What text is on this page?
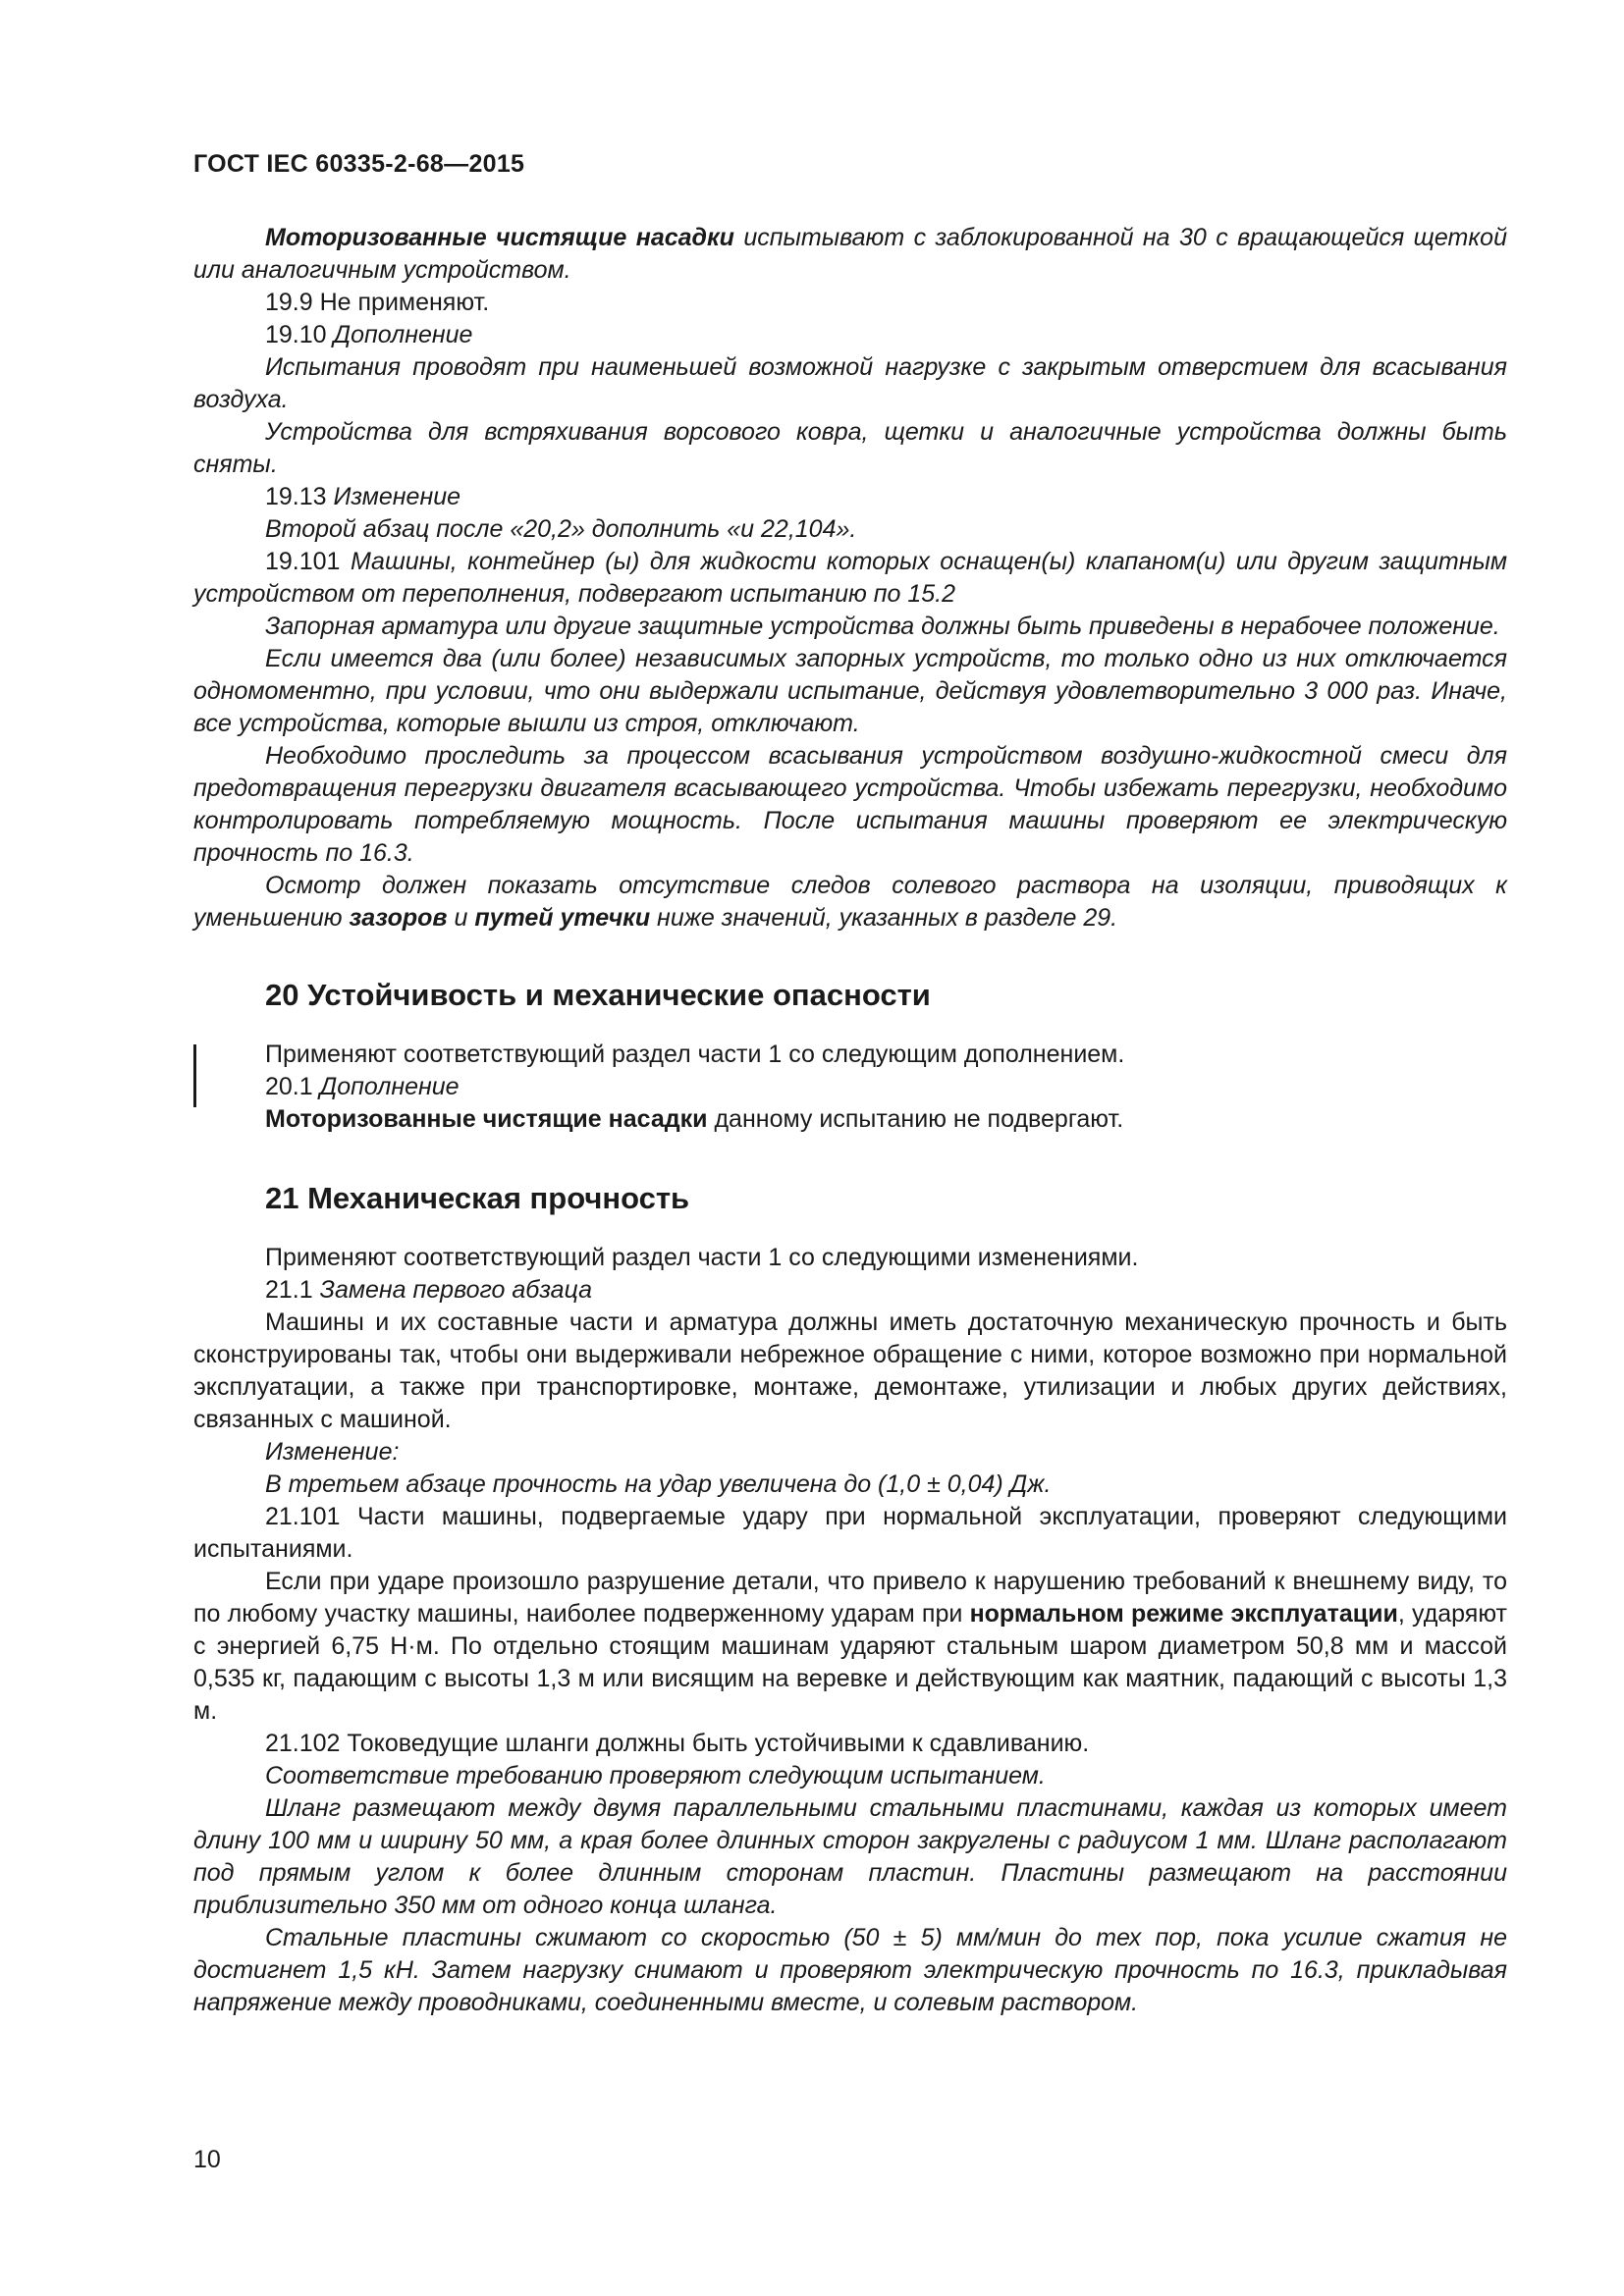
ГОСТ IEC 60335-2-68—2015

Моторизованные чистящие насадки испытывают с заблокированной на 30 с вращающейся щеткой или аналогичным устройством.

19.9 Не применяют.

19.10 Дополнение

Испытания проводят при наименьшей возможной нагрузке с закрытым отверстием для всасывания воздуха.

Устройства для встряхивания ворсового ковра, щетки и аналогичные устройства должны быть сняты.

19.13 Изменение

Второй абзац после «20,2» дополнить «и 22,104».

19.101 Машины, контейнер (ы) для жидкости которых оснащен(ы) клапаном(и) или другим защитным устройством от переполнения, подвергают испытанию по 15.2

Запорная арматура или другие защитные устройства должны быть приведены в нерабочее положение.

Если имеется два (или более) независимых запорных устройств, то только одно из них отключается одномоментно, при условии, что они выдержали испытание, действуя удовлетворительно 3 000 раз. Иначе, все устройства, которые вышли из строя, отключают.

Необходимо проследить за процессом всасывания устройством воздушно-жидкостной смеси для предотвращения перегрузки двигателя всасывающего устройства. Чтобы избежать перегрузки, необходимо контролировать потребляемую мощность. После испытания машины проверяют ее электрическую прочность по 16.3.

Осмотр должен показать отсутствие следов солевого раствора на изоляции, приводящих к уменьшению зазоров и путей утечки ниже значений, указанных в разделе 29.

20 Устойчивость и механические опасности

Применяют соответствующий раздел части 1 со следующим дополнением.

20.1 Дополнение

Моторизованные чистящие насадки данному испытанию не подвергают.

21 Механическая прочность

Применяют соответствующий раздел части 1 со следующими изменениями.

21.1 Замена первого абзаца

Машины и их составные части и арматура должны иметь достаточную механическую прочность и быть сконструированы так, чтобы они выдерживали небрежное обращение с ними, которое возможно при нормальной эксплуатации, а также при транспортировке, монтаже, демонтаже, утилизации и любых других действиях, связанных с машиной.

Изменение:

В третьем абзаце прочность на удар увеличена до (1,0 ± 0,04) Дж.

21.101 Части машины, подвергаемые удару при нормальной эксплуатации, проверяют следующими испытаниями.

Если при ударе произошло разрушение детали, что привело к нарушению требований к внешнему виду, то по любому участку машины, наиболее подверженному ударам при нормальном режиме эксплуатации, ударяют с энергией 6,75 Н·м. По отдельно стоящим машинам ударяют стальным шаром диаметром 50,8 мм и массой 0,535 кг, падающим с высоты 1,3 м или висящим на веревке и действующим как маятник, падающий с высоты 1,3 м.

21.102 Токоведущие шланги должны быть устойчивыми к сдавливанию.

Соответствие требованию проверяют следующим испытанием.

Шланг размещают между двумя параллельными стальными пластинами, каждая из которых имеет длину 100 мм и ширину 50 мм, а края более длинных сторон закруглены с радиусом 1 мм. Шланг располагают под прямым углом к более длинным сторонам пластин. Пластины размещают на расстоянии приблизительно 350 мм от одного конца шланга.

Стальные пластины сжимают со скоростью (50 ± 5) мм/мин до тех пор, пока усилие сжатия не достигнет 1,5 кН. Затем нагрузку снимают и проверяют электрическую прочность по 16.3, прикладывая напряжение между проводниками, соединенными вместе, и солевым раствором.

10
